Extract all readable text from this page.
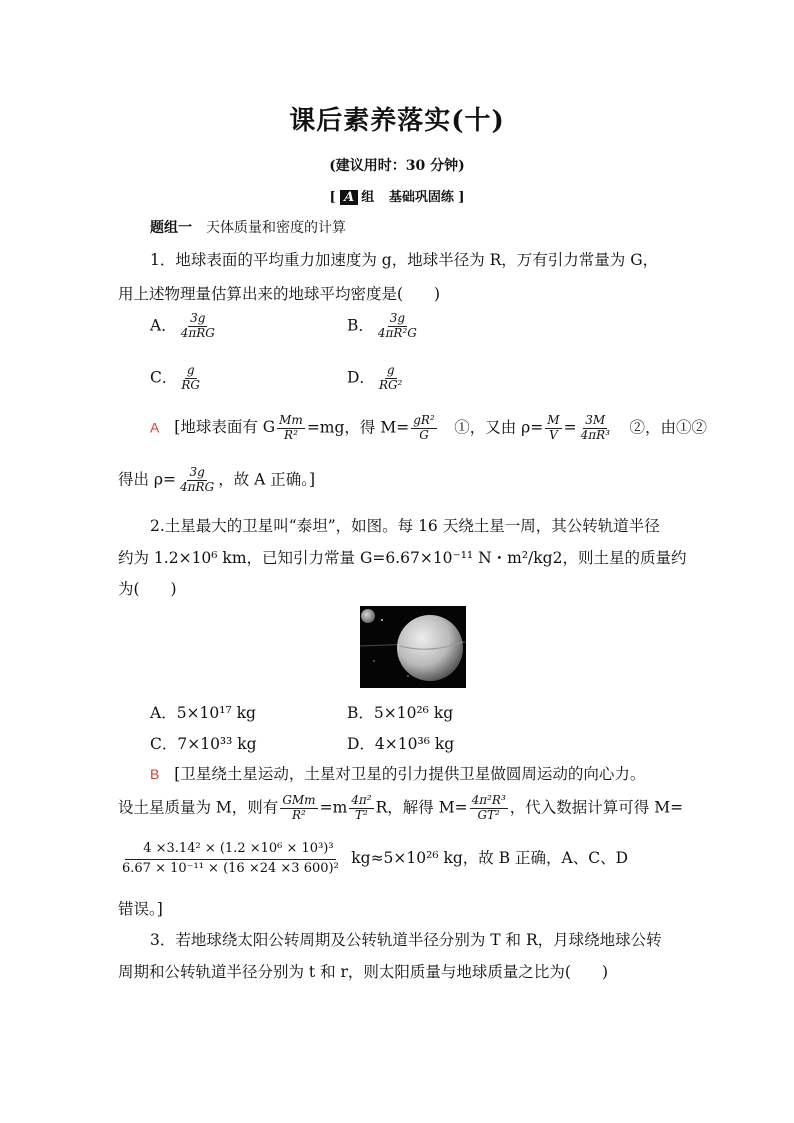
课后素养落实(十)
(建议用时：30 分钟)
[ A 组 基础巩固练 ]
题组一 天体质量和密度的计算
1．地球表面的平均重力加速度为 g，地球半径为 R，万有引力常量为 G，
用上述物理量估算出来的地球平均密度是(　　)
A． $\frac{3g}{\text{4πRG}}$	B． $\frac{3g}{\text{4πR²G}}$
C． $\frac{g}{RG}$	D． $\frac{g}{\text{RG²}}$
A [地球表面有 G $\frac{Mm}{\text{R²}} =mg$，得 $M= \frac{\text{gR²}}{G}$ 　①，又由 $\rho= \frac{M}{V} = \frac{3M}{\text{4πR³}}$ 　②，由①②
得出 $\rho= \frac{3g}{\text{4πRG}}$ ，故 A 正确。]
2.土星最大的卫星叫“泰坦”，如图。每 16 天绕土星一周，其公转轨道半径
约为 1.2×10⁶ km，已知引力常量 G=6.67×10⁻¹¹ N・m²/kg2，则土星的质量约
为(　　)
A．5×10¹⁷ kg	B．5×10²⁶ kg
C．7×10³³ kg	D．4×10³⁶ kg
B [卫星绕土星运动，土星对卫星的引力提供卫星做圆周运动的向心力。
设土星质量为 M，则有 $\frac{\text{GMm}}{\text{R²}} =m \frac{\text{4π²}}{\text{T²}}$ R，解得 $M= \frac{\text{4π²R³}}{\text{GT²}}$ ，代入数据计算可得 M=
$\frac{\text{4 ×3.14² × (1.2 ×10⁶ × 10³)³}}{\text{6.67 × 10⁻¹¹ × (16 ×24 ×3 600)²}} kg\approx 5\times 10^{26}$ kg，故 B 正确，A、C、D
错误。]
3．若地球绕太阳公转周期及公转轨道半径分别为 T 和 R，月球绕地球公转
周期和公转轨道半径分别为 t 和 r，则太阳质量与地球质量之比为(　　)
